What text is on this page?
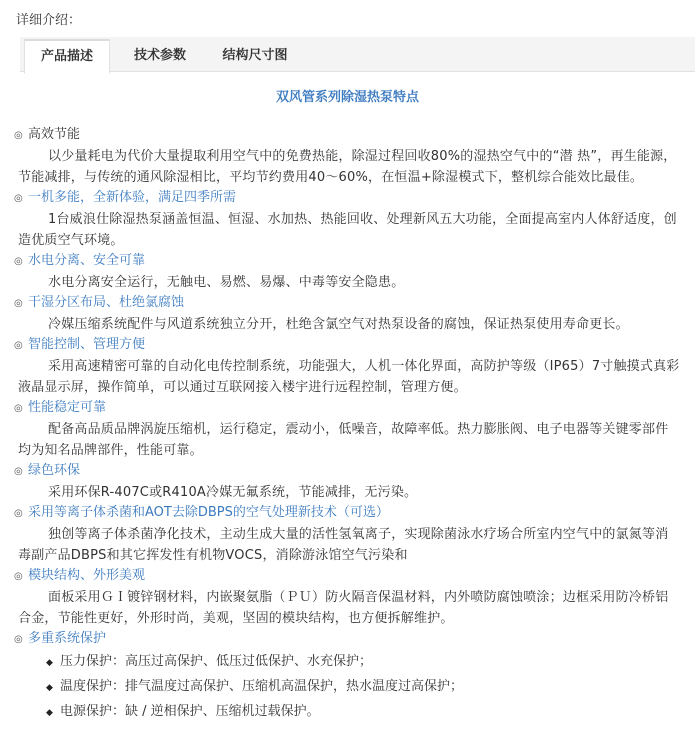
详细介绍：
产品描述	技术参数	结构尺寸图
双风管系列除湿热泵特点

◎ 高效节能

以少量耗电为代价大量提取利用空气中的免费热能，除湿过程回收80%的湿热空气中的“潜 热”，再生能源，节能减排，与传统的通风除湿相比，平均节约费用40～60%，在恒温+除湿模式下，整机综合能效比最佳。

◎ 一机多能，全新体验，满足四季所需

1台威浪仕除湿热泵涵盖恒温、恒湿、水加热、热能回收、处理新风五大功能，全面提高室内人体舒适度，创造优质空气环境。

◎ 水电分离、安全可靠

水电分离安全运行，无触电、易燃、易爆、中毒等安全隐患。

◎ 干湿分区布局、杜绝氯腐蚀

冷媒压缩系统配件与风道系统独立分开，杜绝含氯空气对热泵设备的腐蚀，保证热泵使用寿命更长。

◎ 智能控制、管理方便

采用高速精密可靠的自动化电传控制系统，功能强大，人机一体化界面，高防护等级（IP65）7寸触摸式真彩液晶显示屏，操作简单，可以通过互联网接入楼宇进行远程控制，管理方便。

◎ 性能稳定可靠

配备高品质品牌涡旋压缩机，运行稳定，震动小，低噪音，故障率低。热力膨胀阀、电子电器等关键零部件均为知名品牌部件，性能可靠。

◎ 绿色环保

采用环保R-407C或R410A冷媒无氟系统，节能减排，无污染。

◎ 采用等离子体杀菌和AOT去除DBPS的空气处理新技术（可选）

独创等离子体杀菌净化技术，主动生成大量的活性氢氧离子，实现除菌泳水疗场合所室内空气中的氯氮等消毒副产品DBPS和其它挥发性有机物VOCS，消除游泳馆空气污染和

◎ 模块结构、外形美观

面板采用ＧＩ镀锌钢材料，内嵌聚氨脂（ＰＵ）防火隔音保温材料，内外喷防腐蚀喷涂；边框采用防冷桥铝合金，节能性更好，外形时尚，美观，坚固的模块结构，也方便拆解维护。

◎ 多重系统保护

◆ 压力保护：高压过高保护、低压过低保护、水充保护；
◆ 温度保护：排气温度过高保护、压缩机高温保护，热水温度过高保护；
◆ 电源保护：缺 / 逆相保护、压缩机过载保护。
